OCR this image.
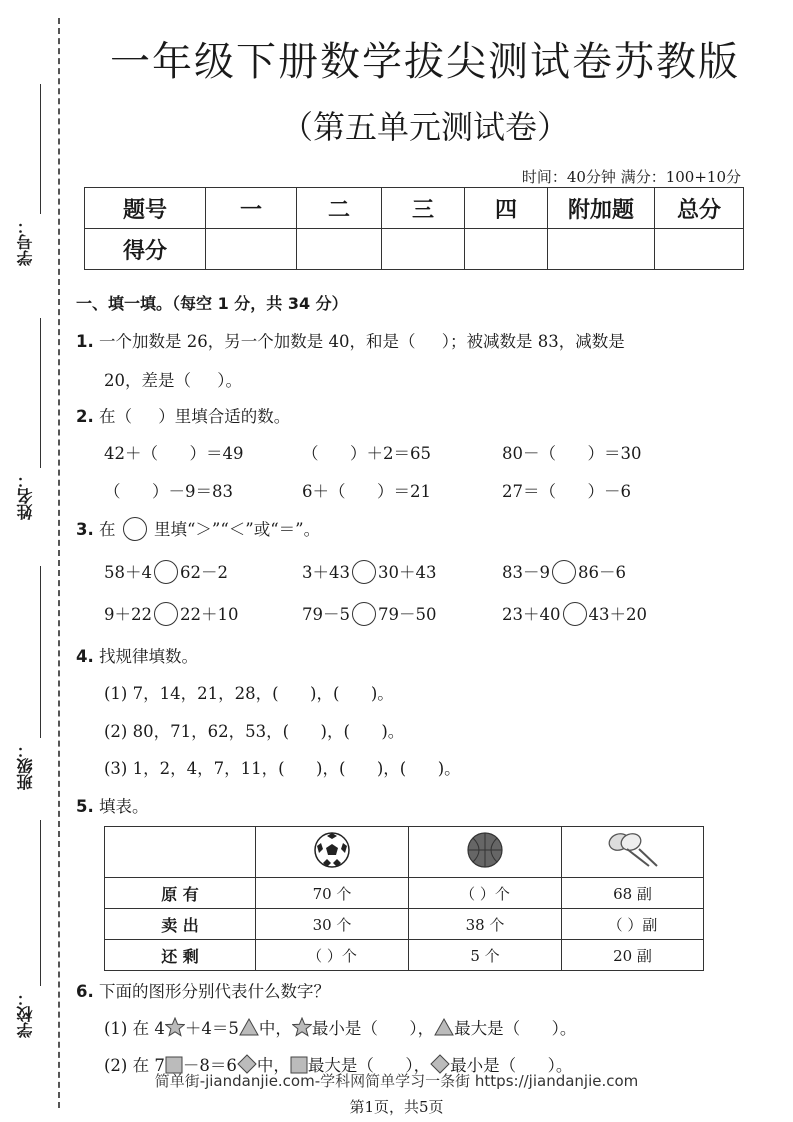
学号：
姓名：
班级：
学校：
一年级下册数学拔尖测试卷苏教版
（第五单元测试卷）
时间：40分钟 满分：100+10分
题号	一	二	三	四	附加题	总分
得分						
一、填一填。（每空 1 分，共 34 分）
1. 一个加数是 26，另一个加数是 40，和是（     ）；被减数是 83，减数是
20，差是（     ）。
2. 在（     ）里填合适的数。
42＋（      ）＝49	（      ）＋2＝65	80－（      ）＝30
（      ）－9＝83	6＋（      ）＝21	27＝（      ）－6
3. 在 里填“＞”“＜”或“＝”。
58＋4 62－2	3＋43 30＋43	83－9 86－6
9＋22 22＋10	79－5 79－50	23＋40 43＋20
4. 找规律填数。
(1) 7，14，21，28，(      )，(      )。
(2) 80，71，62，53，(      )，(      )。
(3) 1，2，4，7，11，(      )，(      )，(      )。
5. 填表。

原 有	70 个	（ ）个	68 副
卖 出	30 个	38 个	（ ）副
还 剩	（ ）个	5 个	20 副
6. 下面的图形分别代表什么数字？
(1) 在 4 ＋4＝5 中， 最小是（      ）， 最大是（      ）。
(2) 在 7 －8＝6 中， 最大是（      ）， 最小是（      ）。
简单街-jiandanjie.com-学科网简单学习一条街 https://jiandanjie.com
第1页，共5页
